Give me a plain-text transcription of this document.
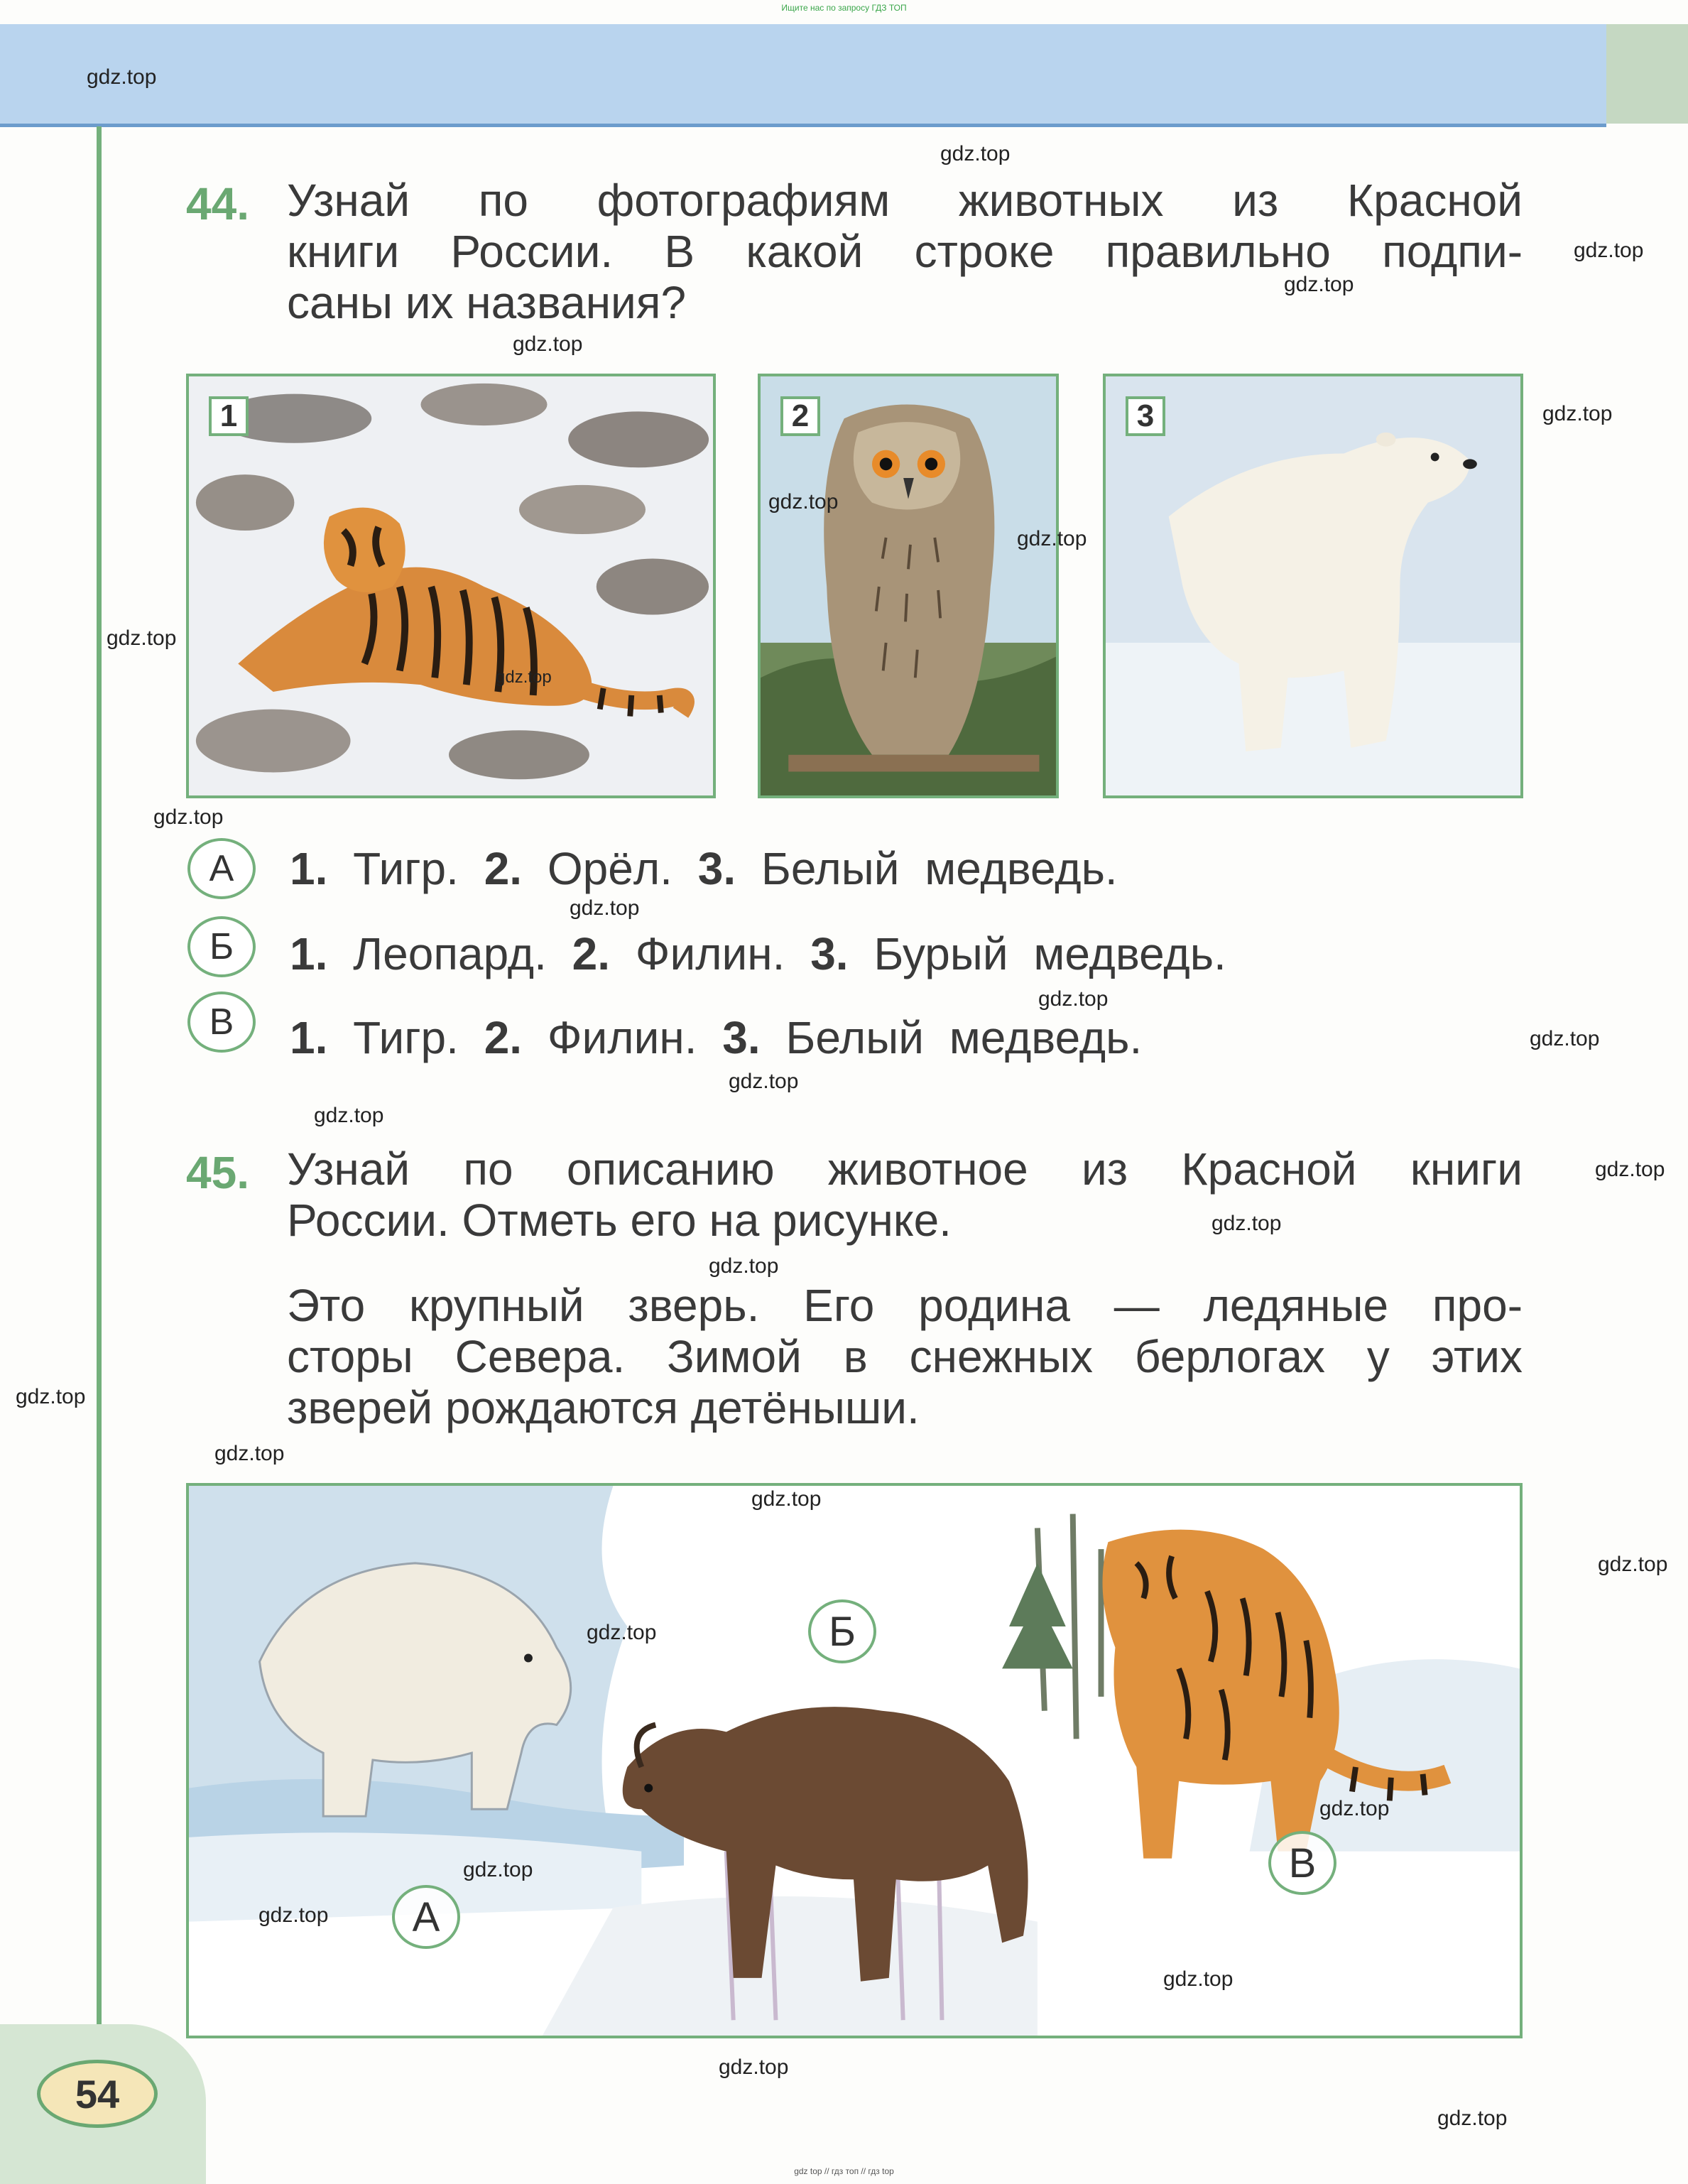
Ищите нас по запросу ГДЗ ТОП
54
44. Узнай по фотографиям животных из Красной
книги России. В какой строке правильно подпи-
саны их названия?
1	2	3
А	1. Тигр. 2. Орёл. 3. Белый медведь.
Б	1. Леопард. 2. Филин. 3. Бурый медведь.
В	1. Тигр. 2. Филин. 3. Белый медведь.
45. Узнай по описанию животное из Красной книги
России. Отметь его на рисунке.
Это крупный зверь. Его родина — ледяные про-
сторы Севера. Зимой в снежных берлогах у этих
зверей рождаются детёныши.
А
Б
В
gdz.top
gdz.top
gdz.top
gdz.top
gdz.top
gdz.top
gdz.top
gdz.top
gdz.top
gdz.top
gdz.top
gdz.top
gdz.top
gdz.top
gdz.top
gdz.top
gdz.top
gdz.top
gdz.top
gdz.top
gdz.top
gdz.top
gdz.top
gdz.top
gdz.top
gdz.top
gdz.top
gdz.top
gdz.top
gdz.top
gdz top // гдз топ // гдз top
